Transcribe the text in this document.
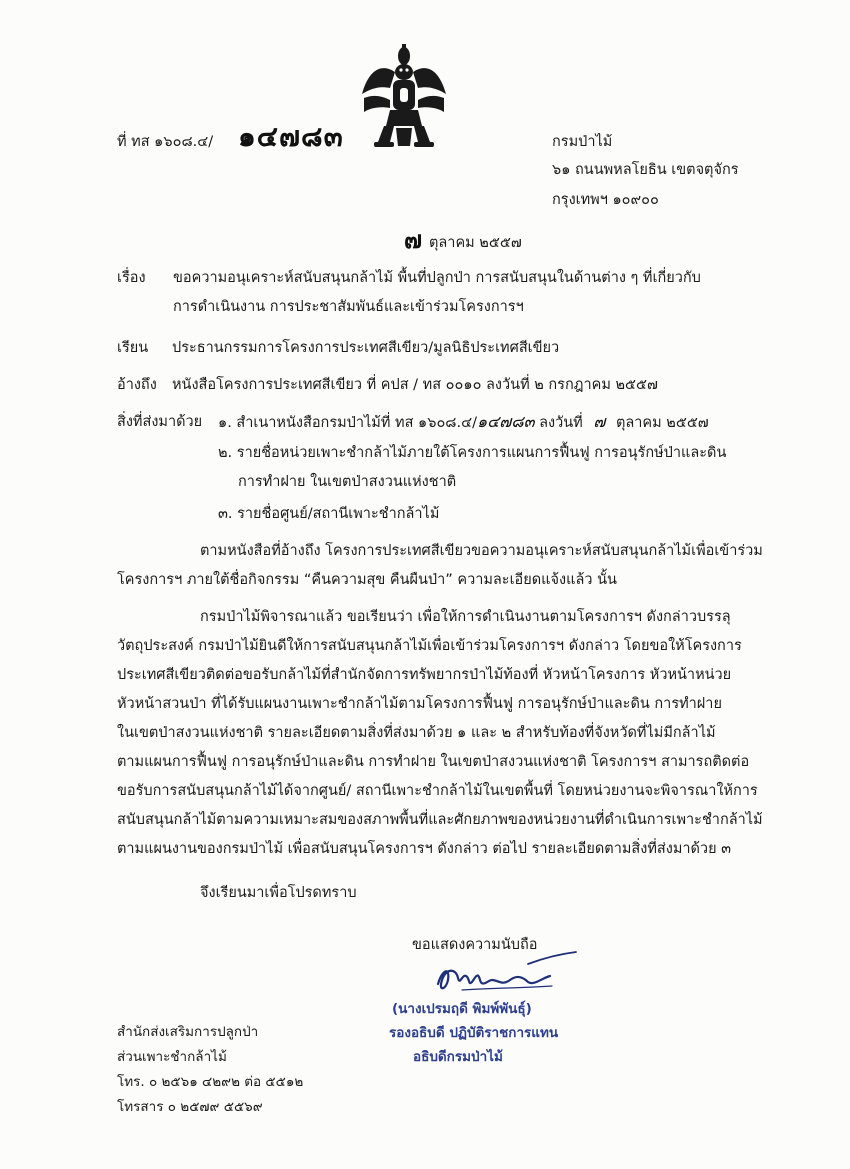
ที่ ทส ๑๖๐๘.๔/ ๑๔๗๘๓	กรมป่าไม้
๖๑ ถนนพหลโยธิน เขตจตุจักร
กรุงเทพฯ ๑๐๙๐๐
๗ ตุลาคม ๒๕๕๗
เรื่อง ขอความอนุเคราะห์สนับสนุนกล้าไม้ พื้นที่ปลูกป่า การสนับสนุนในด้านต่าง ๆ ที่เกี่ยวกับ
การดำเนินงาน การประชาสัมพันธ์และเข้าร่วมโครงการฯ
เรียน ประธานกรรมการโครงการประเทศสีเขียว/มูลนิธิประเทศสีเขียว
อ้างถึง หนังสือโครงการประเทศสีเขียว ที่ คปส / ทส ๐๐๑๐ ลงวันที่ ๒ กรกฎาคม ๒๕๕๗
สิ่งที่ส่งมาด้วย ๑. สำเนาหนังสือกรมป่าไม้ที่ ทส ๑๖๐๘.๔/๑๔๗๘๓ ลงวันที่ ๗ ตุลาคม ๒๕๕๗
๒. รายชื่อหน่วยเพาะชำกล้าไม้ภายใต้โครงการแผนการฟื้นฟู การอนุรักษ์ป่าและดิน
การทำฝาย ในเขตป่าสงวนแห่งชาติ
๓. รายชื่อศูนย์/สถานีเพาะชำกล้าไม้
ตามหนังสือที่อ้างถึง โครงการประเทศสีเขียวขอความอนุเคราะห์สนับสนุนกล้าไม้เพื่อเข้าร่วม
โครงการฯ ภายใต้ชื่อกิจกรรม “คืนความสุข คืนผืนป่า” ความละเอียดแจ้งแล้ว นั้น
กรมป่าไม้พิจารณาแล้ว ขอเรียนว่า เพื่อให้การดำเนินงานตามโครงการฯ ดังกล่าวบรรลุ
วัตถุประสงค์ กรมป่าไม้ยินดีให้การสนับสนุนกล้าไม้เพื่อเข้าร่วมโครงการฯ ดังกล่าว โดยขอให้โครงการ
ประเทศสีเขียวติดต่อขอรับกล้าไม้ที่สำนักจัดการทรัพยากรป่าไม้ท้องที่ หัวหน้าโครงการ หัวหน้าหน่วย
หัวหน้าสวนป่า ที่ได้รับแผนงานเพาะชำกล้าไม้ตามโครงการฟื้นฟู การอนุรักษ์ป่าและดิน การทำฝาย
ในเขตป่าสงวนแห่งชาติ รายละเอียดตามสิ่งที่ส่งมาด้วย ๑ และ ๒ สำหรับท้องที่จังหวัดที่ไม่มีกล้าไม้
ตามแผนการฟื้นฟู การอนุรักษ์ป่าและดิน การทำฝาย ในเขตป่าสงวนแห่งชาติ โครงการฯ สามารถติดต่อ
ขอรับการสนับสนุนกล้าไม้ได้จากศูนย์/ สถานีเพาะชำกล้าไม้ในเขตพื้นที่ โดยหน่วยงานจะพิจารณาให้การ
สนับสนุนกล้าไม้ตามความเหมาะสมของสภาพพื้นที่และศักยภาพของหน่วยงานที่ดำเนินการเพาะชำกล้าไม้
ตามแผนงานของกรมป่าไม้ เพื่อสนับสนุนโครงการฯ ดังกล่าว ต่อไป รายละเอียดตามสิ่งที่ส่งมาด้วย ๓
จึงเรียนมาเพื่อโปรดทราบ
ขอแสดงความนับถือ
(นางเปรมฤดี พิมพ์พันธุ์)
รองอธิบดี ปฏิบัติราชการแทน
อธิบดีกรมป่าไม้
สำนักส่งเสริมการปลูกป่า
ส่วนเพาะชำกล้าไม้
โทร. ๐ ๒๕๖๑ ๔๒๙๒ ต่อ ๕๕๑๒
โทรสาร ๐ ๒๕๗๙ ๕๕๖๙
